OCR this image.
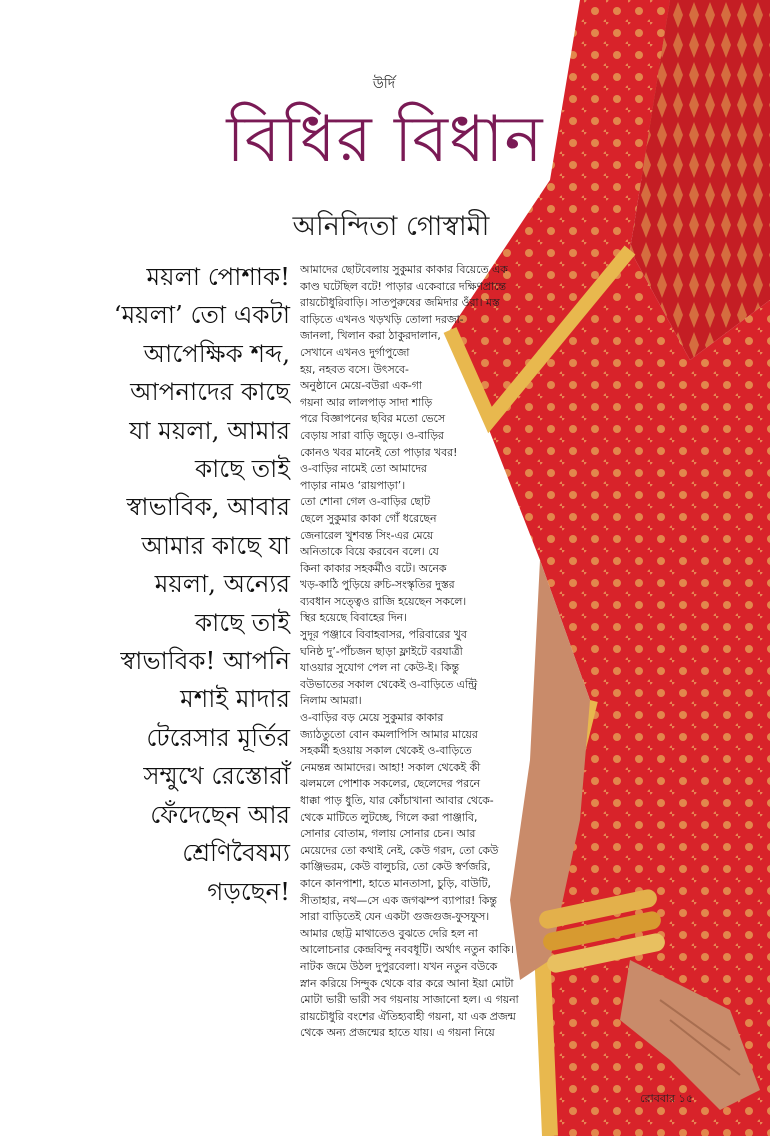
উর্দি
বিধির বিধান
অনিন্দিতা গোস্বামী
ময়লা পোশাক!
‘ময়লা’ তো একটা
আপেক্ষিক শব্দ,
আপনাদের কাছে
যা ময়লা, আমার
কাছে তাই
স্বাভাবিক, আবার
আমার কাছে যা
ময়লা, অন্যের
কাছে তাই
স্বাভাবিক! আপনি
মশাই মাদার
টেরেসার মূর্তির
সম্মুখে রেস্তোরাঁ
ফেঁদেছেন আর
শ্রেণিবৈষম্য
গড়ছেন!
আমাদের ছোটবেলায় সুকুমার কাকার বিয়েতে এক
কাণ্ড ঘটেছিল বটে! পাড়ার একেবারে দক্ষিণপ্রান্তে
রায়চৌধুরিবাড়ি। সাতপুরুষের জমিদার ওঁরা। মস্ত
বাড়িতে এখনও খড়খড়ি তোলা দরজা-
জানলা, খিলান করা ঠাকুরদালান,
সেখানে এখনও দুর্গাপুজো
হয়, নহবত বসে। উৎসবে-
অনুষ্ঠানে মেয়ে-বউরা এক-গা
গয়না আর লালপাড় সাদা শাড়ি
পরে বিজ্ঞাপনের ছবির মতো ভেসে
বেড়ায় সারা বাড়ি জুড়ে। ও-বাড়ির
কোনও খবর মানেই তো পাড়ার খবর!
ও-বাড়ির নামেই তো আমাদের
পাড়ার নামও ‘রায়পাড়া’।
তো শোনা গেল ও-বাড়ির ছোট
ছেলে সুকুমার কাকা গোঁ ধরেছেন
জেনারেল খুশবন্ত সিং-এর মেয়ে
অনিতাকে বিয়ে করবেন বলে। যে
কিনা কাকার সহকর্মীও বটে। অনেক
খড়-কাঠি পুড়িয়ে রুচি-সংস্কৃতির দুস্তর
ব্যবধান সত্ত্বেও রাজি হয়েছেন সকলে।
স্থির হয়েছে বিবাহের দিন।
সুদূর পঞ্জাবে বিবাহবাসর, পরিবারের খুব
ঘনিষ্ঠ দু’-পাঁচজন ছাড়া ফ্লাইটে বরযাত্রী
যাওয়ার সুযোগ পেল না কেউ-ই। কিন্তু
বউভাতের সকাল থেকেই ও-বাড়িতে এন্ট্রি
নিলাম আমরা।
ও-বাড়ির বড় মেয়ে সুকুমার কাকার
জ্যাঠতুতো বোন কমলাপিসি আমার মায়ের
সহকর্মী হওয়ায় সকাল থেকেই ও-বাড়িতে
নেমন্তন্ন আমাদের। আহা! সকাল থেকেই কী
ঝলমলে পোশাক সকলের, ছেলেদের পরনে
ধাক্কা পাড় ধুতি, যার কোঁচাখানা আবার থেকে-
থেকে মাটিতে লুটচ্ছে, গিলে করা পাঞ্জাবি,
সোনার বোতাম, গলায় সোনার চেন। আর
মেয়েদের তো কথাই নেই, কেউ গরদ, তো কেউ
কাঞ্জিভরম, কেউ বালুচরি, তো কেউ স্বর্ণজরি,
কানে কানপাশা, হাতে মানতাসা, চুড়ি, বাউটি,
সীতাহার, নথ—সে এক জগঝম্প ব্যাপার! কিন্তু
সারা বাড়িতেই যেন একটা গুজগুজ-ফুসফুস।
আমার ছোট্ট মাথাতেও বুঝতে দেরি হল না
আলোচনার কেন্দ্রবিন্দু নববধূটি। অর্থাৎ নতুন কাকি।
নাটক জমে উঠল দুপুরবেলা। যখন নতুন বউকে
স্নান করিয়ে সিন্দুক থেকে বার করে আনা ইয়া মোটা
মোটা ভারী ভারী সব গয়নায় সাজানো হল। এ গয়না
রায়চৌধুরি বংশের ঐতিহ্যবাহী গয়না, যা এক প্রজন্ম
থেকে অন্য প্রজন্মের হাতে যায়। এ গয়না নিয়ে
রোববার ১৫
